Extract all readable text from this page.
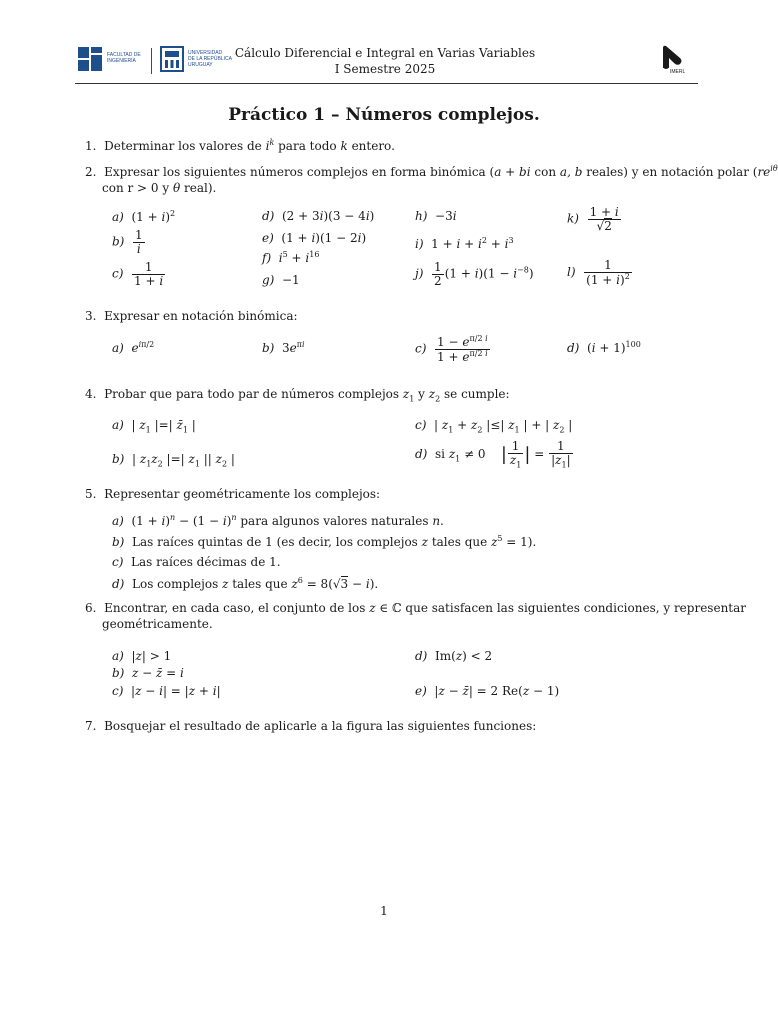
FACULTAD DE
INGENIERÍA
UNIVERSIDAD
DE LA REPÚBLICA
URUGUAY
Cálculo Diferencial e Integral en Varias Variables
I Semestre 2025	IMERL
Práctico 1 – Números complejos.
1. Determinar los valores de $i^k$ para todo k entero.
2. Expresar los siguientes números complejos en forma binómica (a + bi con a, b reales) y en notación polar ($re^{i\theta}$
con r > 0 y θ real).
a)  $(1 + i)^2$
$b) \frac{1}{i}$
$c) \frac{1}{1 + i}$
d)  (2 + 3i)(3 − 4i)
e)  (1 + i)(1 − 2i)
f) $i^5 + i^{16}$
g)  −1
h)  −3i
i)  $1 + i + i^2 + i^3$
$j) \frac{1}{2} (1 + i)(1 - i^{-8})$
$k) \frac{1 + i}{√2}$
$l) \frac{1}{(1 + i)^2}$
3. Expresar en notación binómica:
a) $e^{i\pi/2}$	b)  $3e^{\pi i}$	$c) \frac{1 - e^{\pi/2 i}}{1 + e^{\pi/2 i}}$	d)  $(i + 1)^{100}$
4. Probar que para todo par de números complejos $z_1$ y $z_2$ se cumple:
a)  | $z_1$ |=| $z̄_1$ |
b)  | $z_1z_2$ |=| $z_1$ || $z_2$ |
c)  | $z_1 + z_2$ |≤| $z_1$ | + | $z_2$ |
d)  si $z_1 \ne 0$    | $\frac{1}{z_1}$ | = $\frac{1}{|z_1|}$
5. Representar geométricamente los complejos:
a)  $(1 + i)^n - (1 - i)^n$ para algunos valores naturales n.
b) Las raíces quintas de 1 (es decir, los complejos z tales que $z^5 = 1$).
c) Las raíces décimas de 1.
d) Los complejos z tales que $z^6 = 8(√3 - i)$.
6. Encontrar, en cada caso, el conjunto de los z ∈ ℂ que satisfacen las siguientes condiciones, y representar
geométricamente.
a)  |z| > 1
b) z − z̄ = i
c)  |z − i| = |z + i|
d)  Im(z) < 2
e)  |z − z̄| = 2 Re(z − 1)
7. Bosquejar el resultado de aplicarle a la figura las siguientes funciones:
1
